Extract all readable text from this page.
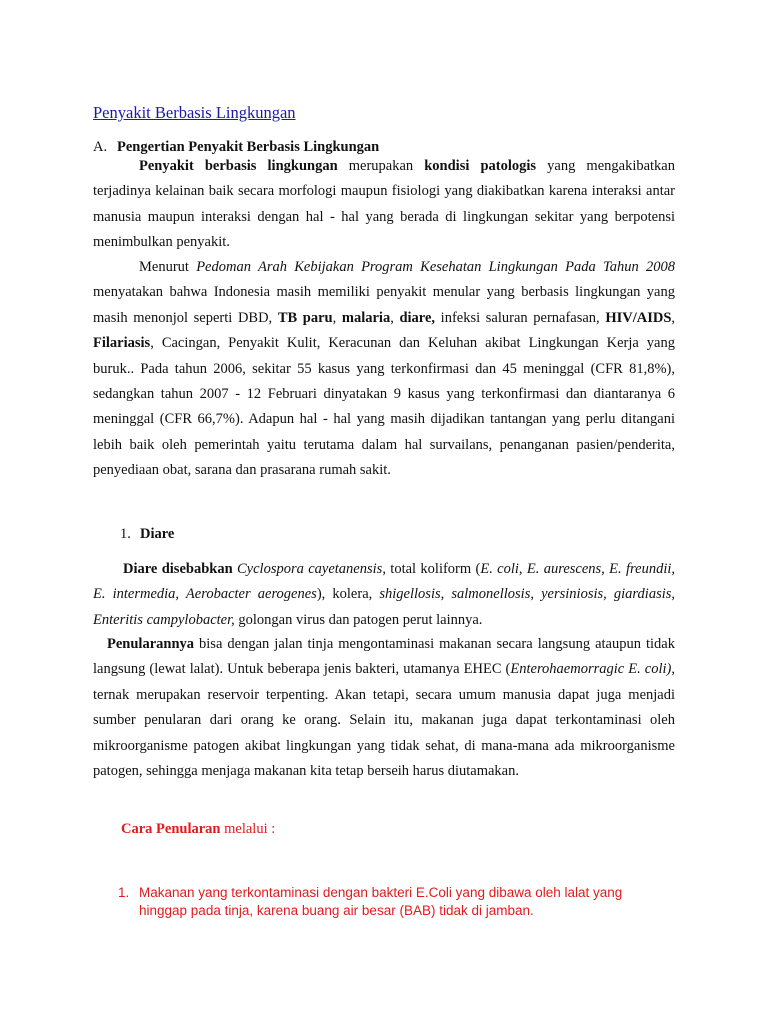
Penyakit Berbasis Lingkungan
A. Pengertian Penyakit Berbasis Lingkungan
Penyakit berbasis lingkungan merupakan kondisi patologis yang mengakibatkan terjadinya kelainan baik secara morfologi maupun fisiologi yang diakibatkan karena interaksi antar manusia maupun interaksi dengan hal - hal yang berada di lingkungan sekitar yang berpotensi menimbulkan penyakit.
Menurut Pedoman Arah Kebijakan Program Kesehatan Lingkungan Pada Tahun 2008 menyatakan bahwa Indonesia masih memiliki penyakit menular yang berbasis lingkungan yang masih menonjol seperti DBD, TB paru, malaria, diare, infeksi saluran pernafasan, HIV/AIDS, Filariasis, Cacingan, Penyakit Kulit, Keracunan dan Keluhan akibat Lingkungan Kerja yang buruk.. Pada tahun 2006, sekitar 55 kasus yang terkonfirmasi dan 45 meninggal (CFR 81,8%), sedangkan tahun 2007 - 12 Februari dinyatakan 9 kasus yang terkonfirmasi dan diantaranya 6 meninggal (CFR 66,7%). Adapun hal - hal yang masih dijadikan tantangan yang perlu ditangani lebih baik oleh pemerintah yaitu terutama dalam hal survailans, penanganan pasien/penderita, penyediaan obat, sarana dan prasarana rumah sakit.
1. Diare
Diare disebabkan Cyclospora cayetanensis, total koliform (E. coli, E. aurescens, E. freundii, E. intermedia, Aerobacter aerogenes), kolera, shigellosis, salmonellosis, yersiniosis, giardiasis, Enteritis campylobacter, golongan virus dan patogen perut lainnya.
Penularannya bisa dengan jalan tinja mengontaminasi makanan secara langsung ataupun tidak langsung (lewat lalat). Untuk beberapa jenis bakteri, utamanya EHEC (Enterohaemorragic E. coli), ternak merupakan reservoir terpenting. Akan tetapi, secara umum manusia dapat juga menjadi sumber penularan dari orang ke orang. Selain itu, makanan juga dapat terkontaminasi oleh mikroorganisme patogen akibat lingkungan yang tidak sehat, di mana-mana ada mikroorganisme patogen, sehingga menjaga makanan kita tetap berseih harus diutamakan.
Cara Penularan melalui :
1. Makanan yang terkontaminasi dengan bakteri E.Coli yang dibawa oleh lalat yang hinggap pada tinja, karena buang air besar (BAB) tidak di jamban.
